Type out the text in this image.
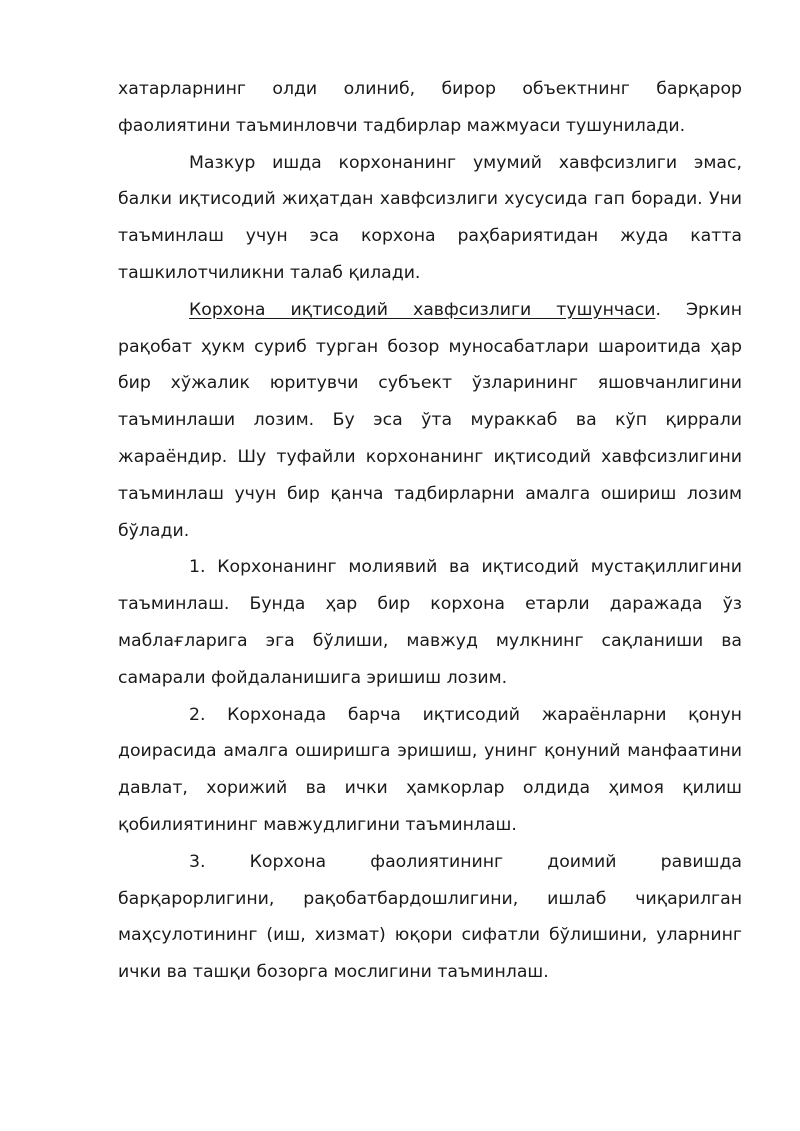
хатарларнинг олди олиниб, бирор объектнинг барқарор фаолиятини таъминловчи тадбирлар мажмуаси тушунилади.

Мазкур ишда корхонанинг умумий хавфсизлиги эмас, балки иқтисодий жиҳатдан хавфсизлиги хусусида гап боради. Уни таъминлаш учун эса корхона раҳбариятидан жуда катта ташкилотчиликни талаб қилади.

Корхона иқтисодий хавфсизлиги тушунчаси. Эркин рақобат ҳукм суриб турган бозор муносабатлари шароитида ҳар бир хўжалик юритувчи субъект ўзларининг яшовчанлигини таъминлаши лозим. Бу эса ўта мураккаб ва кўп қиррали жараёндир. Шу туфайли корхонанинг иқтисодий хавфсизлигини таъминлаш учун бир қанча тадбирларни амалга ошириш лозим бўлади.

1. Корхонанинг молиявий ва иқтисодий мустақиллигини таъминлаш. Бунда ҳар бир корхона етарли даражада ўз маблағларига эга бўлиши, мавжуд мулкнинг сақланиши ва самарали фойдаланишига эришиш лозим.

2. Корхонада барча иқтисодий жараёнларни қонун доирасида амалга оширишга эришиш, унинг қонуний манфаатини давлат, хорижий ва ички ҳамкорлар олдида ҳимоя қилиш қобилиятининг мавжудлигини таъминлаш.

3. Корхона фаолиятининг доимий равишда барқарорлигини, рақобатбардошлигини, ишлаб чиқарилган маҳсулотининг (иш, хизмат) юқори сифатли бўлишини, уларнинг ички ва ташқи бозорга мослигини таъминлаш.
